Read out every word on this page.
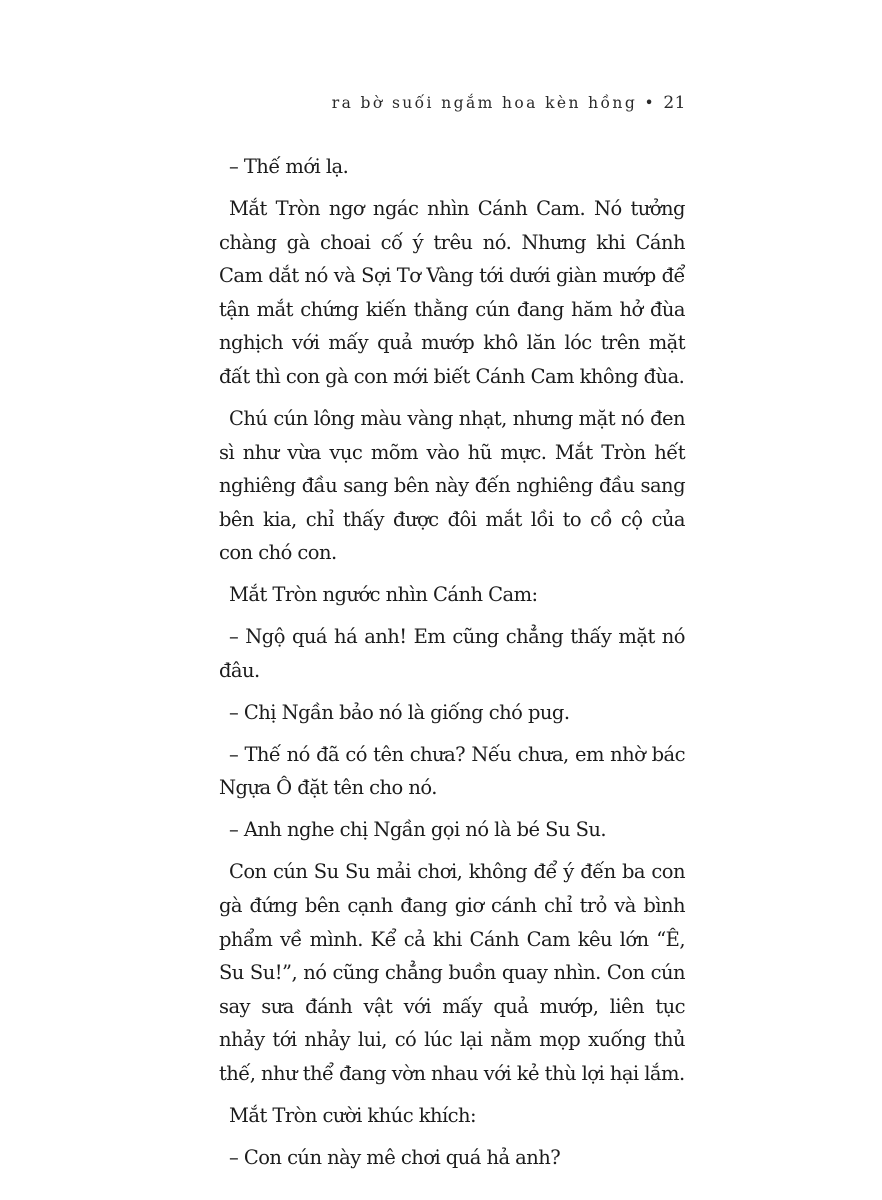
ra bờ suối ngắm hoa kèn hồng • 21

– Thế mới lạ.

Mắt Tròn ngơ ngác nhìn Cánh Cam. Nó tưởng chàng gà choai cố ý trêu nó. Nhưng khi Cánh Cam dắt nó và Sợi Tơ Vàng tới dưới giàn mướp để tận mắt chứng kiến thằng cún đang hăm hở đùa nghịch với mấy quả mướp khô lăn lóc trên mặt đất thì con gà con mới biết Cánh Cam không đùa.

Chú cún lông màu vàng nhạt, nhưng mặt nó đen sì như vừa vục mõm vào hũ mực. Mắt Tròn hết nghiêng đầu sang bên này đến nghiêng đầu sang bên kia, chỉ thấy được đôi mắt lồi to cồ cộ của con chó con.

Mắt Tròn ngước nhìn Cánh Cam:

– Ngộ quá há anh! Em cũng chẳng thấy mặt nó đâu.

– Chị Ngần bảo nó là giống chó pug.

– Thế nó đã có tên chưa? Nếu chưa, em nhờ bác Ngựa Ô đặt tên cho nó.

– Anh nghe chị Ngần gọi nó là bé Su Su.

Con cún Su Su mải chơi, không để ý đến ba con gà đứng bên cạnh đang giơ cánh chỉ trỏ và bình phẩm về mình. Kể cả khi Cánh Cam kêu lớn “Ê, Su Su!”, nó cũng chẳng buồn quay nhìn. Con cún say sưa đánh vật với mấy quả mướp, liên tục nhảy tới nhảy lui, có lúc lại nằm mọp xuống thủ thế, như thể đang vờn nhau với kẻ thù lợi hại lắm.

Mắt Tròn cười khúc khích:

– Con cún này mê chơi quá hả anh?
